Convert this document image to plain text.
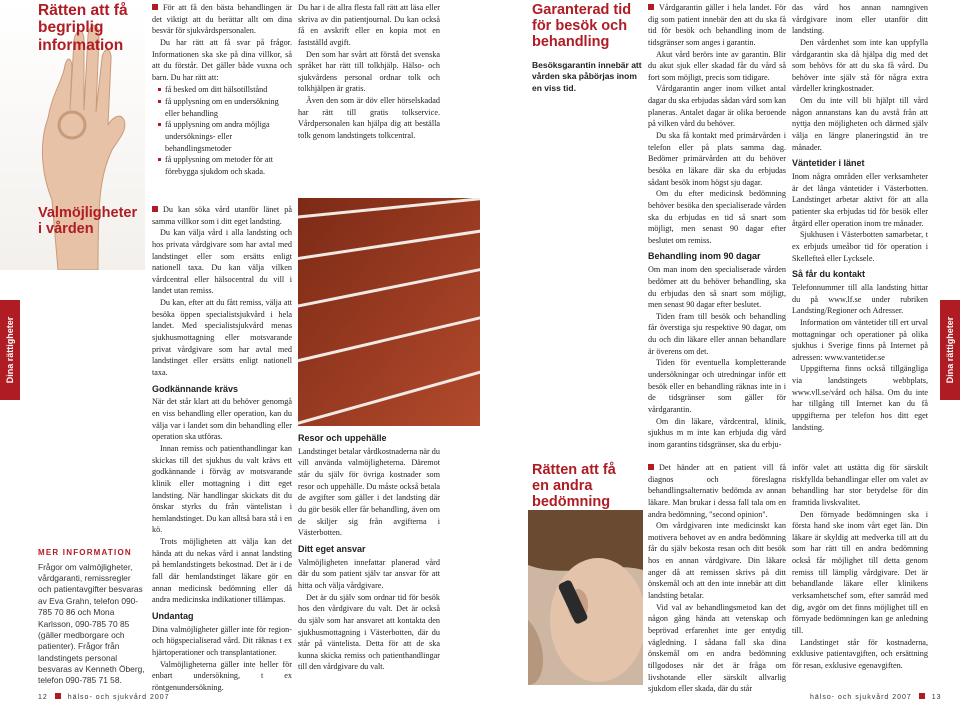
Rätten att få begriplig information

För att få den bästa behandlingen är det viktigt att du berättar allt om dina besvär för sjukvårdspersonalen.

Du har rätt att få svar på frågor. Informationen ska ske på dina villkor, så att du förstår. Det gäller både vuxna och barn. Du har rätt att:

få besked om ditt hälsotillstånd
få upplysning om en undersökning eller behandling
få upplysning om andra möjliga undersöknings- eller behandlingsmetoder
få upplysning om metoder för att förebygga sjukdom och skada.

Du har i de allra flesta fall rätt att läsa eller skriva av din patientjournal. Du kan också få en avskrift eller en kopia mot en fastställd avgift.

Den som har svårt att förstå det svenska språket har rätt till tolkhjälp. Hälso- och sjukvårdens personal ordnar tolk och tolkhjälpen är gratis.

Även den som är döv eller hörselskadad har rätt till gratis tolkservice. Vårdpersonalen kan hjälpa dig att beställa tolk genom landstingets tolkcentral.

Valmöjligheter i vården
Dina rättigheter
MER INFORMATION

Frågor om valmöjligheter, vårdgaranti, remissregler och patientavgifter besvaras av Eva Grahn, telefon 090-785 70 86 och Mona Karlsson, 090-785 70 85 (gäller medborgare och patienter). Frågor från landstingets personal besvaras av Kenneth Öberg, telefon 090-785 71 58.

Du kan söka vård utanför länet på samma villkor som i ditt eget landsting.

Du kan välja vård i alla landsting och hos privata vårdgivare som har avtal med landstinget eller som ersätts enligt nationell taxa. Du kan välja vilken vårdcentral eller hälsocentral du vill i landet utan remiss.

Du kan, efter att du fått remiss, välja att besöka öppen specialistsjukvård i hela landet. Med specialistsjukvård menas sjukhusmottagning eller motsvarande privat vårdgivare som har avtal med landstinget eller ersätts enligt nationell taxa.

Godkännande krävs

När det står klart att du behöver genomgå en viss behandling eller operation, kan du välja var i landet som din behandling eller operation ska utföras.

Innan remiss och patienthandlingar kan skickas till det sjukhus du valt krävs ett godkännande i förväg av motsvarande klinik eller mottagning i ditt eget landsting. När handlingar skickats dit du önskar styrks du från väntelistan i hemlandstinget. Du kan alltså bara stå i en kö.

Trots möjligheten att välja kan det hända att du nekas vård i annat landsting på hemlandstingets bekostnad. Det är i de fall där hemlandstinget läkare gör en annan medicinsk bedömning eller då andra medicinska indikationer tillämpas.

Undantag

Dina valmöjligheter gäller inte för region- och högspecialiserad vård. Dit räknas t ex hjärtoperationer och transplantationer.

Valmöjligheterna gäller inte heller för enbart undersökning, t ex röntgenundersökning.

Resor och uppehälle

Landstinget betalar vårdkostnaderna när du vill använda valmöjligheterna. Däremot står du själv för övriga kostnader som resor och uppehälle. Du måste också betala de avgifter som gäller i det landsting där du gör besök eller får behandling, även om de skiljer sig från avgifterna i Västerbotten.

Ditt eget ansvar

Valmöjligheten innefattar planerad vård där du som patient själv tar ansvar för att hitta och välja vårdgivare.

Det är du själv som ordnar tid för besök hos den vårdgivare du valt. Det är också du själv som har ansvaret att kontakta den sjukhusmottagning i Västerbotten, där du står på väntelista. Detta för att de ska kunna skicka remiss och patienthandlingar till den vårdgivare du valt.

12	hälso- och sjukvård 2007
Garanterad tid för besök och behandling
Besöksgarantin innebär att vården ska påbörjas inom en viss tid.

Vårdgarantin gäller i hela landet. För dig som patient innebär den att du ska få tid för besök och behandling inom de tidsgränser som anges i garantin.

Akut vård berörs inte av garantin. Blir du akut sjuk eller skadad får du vård så fort som möjligt, precis som tidigare.

Vårdgarantin anger inom vilket antal dagar du ska erbjudas sådan vård som kan planeras. Antalet dagar är olika beroende på vilken vård du behöver.

Du ska få kontakt med primärvården i telefon eller på plats samma dag. Bedömer primärvården att du behöver besöka en läkare där ska du erbjudas sådant besök inom högst sju dagar.

Om du efter medicinsk bedömning behöver besöka den specialiserade vården ska du erbjudas en tid så snart som möjligt, men senast 90 dagar efter beslutet om remiss.

Behandling inom 90 dagar

Om man inom den specialiserade vården bedömer att du behöver behandling, ska du erbjudas den så snart som möjligt, men senast 90 dagar efter beslutet.

Tiden fram till besök och behandling får överstiga sju respektive 90 dagar, om du och din läkare eller annan behandlare är överens om det.

Tiden för eventuella kompletterande undersökningar och utredningar inför ett besök eller en behandling räknas inte in i de tidsgränser som gäller för vårdgarantin.

Om din läkare, vårdcentral, klinik, sjukhus m m inte kan erbjuda dig vård inom garantins tidsgränser, ska du erbju-

das vård hos annan namngiven vårdgivare inom eller utanför ditt landsting.

Den vårdenhet som inte kan uppfylla vårdgarantin ska då hjälpa dig med det som behövs för att du ska få vård. Du behöver inte själv stå för några extra vårdeller kringkostnader.

Om du inte vill bli hjälpt till vård någon annanstans kan du avstå från att nyttja den möjligheten och därmed själv välja en längre planeringstid än tre månader.

Väntetider i länet

Inom några områden eller verksamheter är det långa väntetider i Västerbotten. Landstinget arbetar aktivt för att alla patienter ska erbjudas tid för besök eller åtgärd eller operation inom tre månader.

Sjukhusen i Västerbotten samarbetar, t ex erbjuds umeåbor tid för operation i Skellefteå eller Lycksele.

Så får du kontakt

Telefonnummer till alla landsting hittar du på www.lf.se under rubriken Landsting/Regioner och Adresser.

Information om väntetider till ert urval mottagningar och operationer på olika sjukhus i Sverige finns på Internet på adressen: www.vantetider.se

Uppgifterna finns också tillgängliga via landstingets webbplats, www.vll.se/vård och hälsa. Om du inte har tillgång till Internet kan du få uppgifterna per telefon hos ditt eget landsting.

Dina rättigheter
Rätten att få en andra bedömning

Det händer att en patient vill få diagnos och föreslagna behandlingsalternativ bedömda av annan läkare. Man brukar i dessa fall tala om en andra bedömning, "second opinion".

Om vårdgivaren inte medicinskt kan motivera behovet av en andra bedömning får du själv bekosta resan och ditt besök hos en annan vårdgivare. Din läkare anger då att remissen skrivs på ditt önskemål och att den inte innebär att ditt landsting betalar.

Vid val av behandlingsmetod kan det någon gång hända att vetenskap och beprövad erfarenhet inte ger entydig vägledning. I sådana fall ska dina önskemål om en andra bedömning tillgodoses när det är fråga om livshotande eller särskilt allvarlig sjukdom eller skada, där du står

inför valet att ustätta dig för särskilt riskfyllda behandlingar eller om valet av behandling har stor betydelse för din framtida livskvalitet.

Den förnyade bedömningen ska i första hand ske inom vårt eget län. Din läkare är skyldig att medverka till att du som har rätt till en andra bedömning också får möjlighet till detta genom remiss till lämplig vårdgivare. Det är behandlande läkare eller klinikens verksamhetschef som, efter samråd med dig, avgör om det finns möjlighet till en förnyade bedömningen kan ge anledning till.

Landstinget står för kostnaderna, exklusive patientavgiften, och ersättning för resan, exklusive egenavgiften.

hälso- och sjukvård 2007	13
